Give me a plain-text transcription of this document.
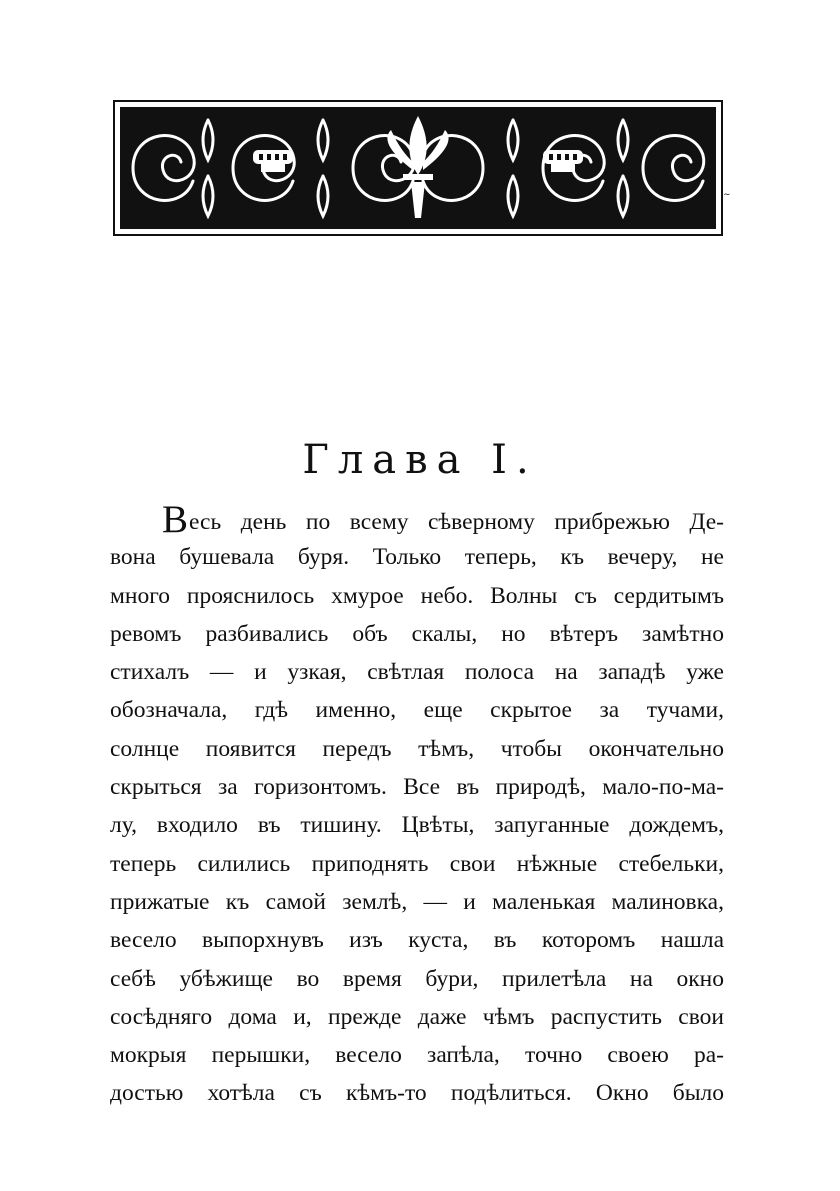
~
Глава I.
Весь день по всему сѣверному прибрежью Де-
вона бушевала буря. Только теперь, къ вечеру, не
много прояснилось хмурое небо. Волны съ сердитымъ
ревомъ разбивались объ скалы, но вѣтеръ замѣтно
стихалъ — и узкая, свѣтлая полоса на западѣ уже
обозначала, гдѣ именно, еще скрытое за тучами,
солнце появится передъ тѣмъ, чтобы окончательно
скрыться за горизонтомъ. Все въ природѣ, мало-по-ма-
лу, входило въ тишину. Цвѣты, запуганные дождемъ,
теперь силились приподнять свои нѣжные стебельки,
прижатые къ самой землѣ, — и маленькая малиновка,
весело выпорхнувъ изъ куста, въ которомъ нашла
себѣ убѣжище во время бури, прилетѣла на окно
сосѣдняго дома и, прежде даже чѣмъ распустить свои
мокрыя перышки, весело запѣла, точно своею ра-
достью хотѣла съ кѣмъ-то подѣлиться. Окно было
